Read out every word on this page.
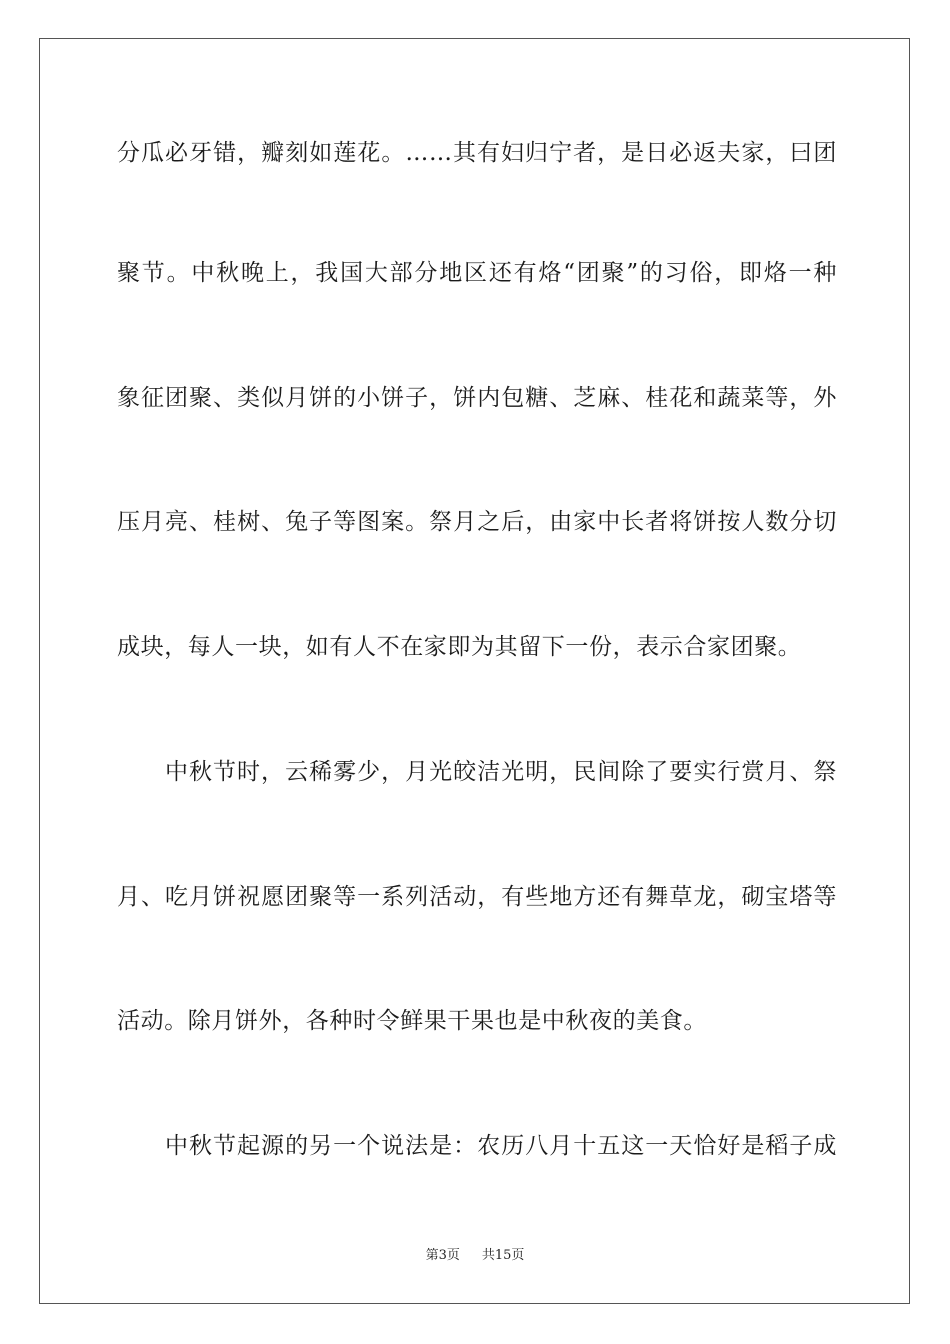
分瓜必牙错，瓣刻如莲花。……其有妇归宁者，是日必返夫家，曰团
聚节。中秋晚上，我国大部分地区还有烙“团聚”的习俗，即烙一种
象征团聚、类似月饼的小饼子，饼内包糖、芝麻、桂花和蔬菜等，外
压月亮、桂树、兔子等图案。祭月之后，由家中长者将饼按人数分切
成块，每人一块，如有人不在家即为其留下一份，表示合家团聚。
中秋节时，云稀雾少，月光皎洁光明，民间除了要实行赏月、祭
月、吃月饼祝愿团聚等一系列活动，有些地方还有舞草龙，砌宝塔等
活动。除月饼外，各种时令鲜果干果也是中秋夜的美食。
中秋节起源的另一个说法是：农历八月十五这一天恰好是稻子成
第3页 共15页
